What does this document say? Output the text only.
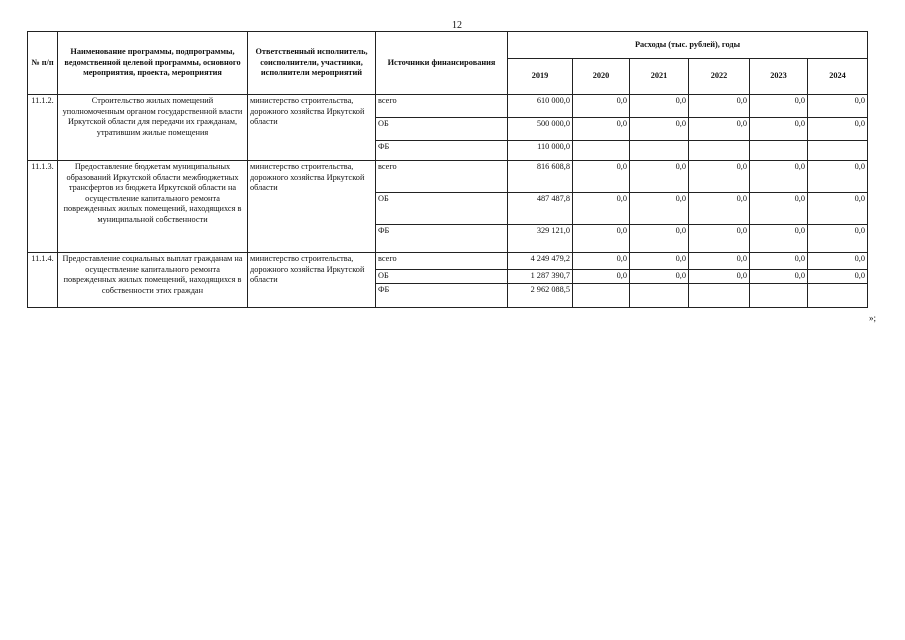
12
№ п/п	Наименование программы, подпрограммы, ведомственной целевой программы, основного мероприятия, проекта, мероприятия	Ответственный исполнитель, соисполнители, участники, исполнители мероприятий	Источники финансирования	Расходы (тыс. рублей), годы					
				2019	2020	2021	2022	2023	2024
11.1.2.	Строительство жилых помещений уполномоченным органом государственной власти Иркутской области для передачи их гражданам, утратившим жилые помещения	министерство строительства, дорожного хозяйства Иркутской области	всего	610 000,0	0,0	0,0	0,0	0,0	0,0
			ОБ	500 000,0	0,0	0,0	0,0	0,0	0,0
			ФБ	110 000,0					
11.1.3.	Предоставление бюджетам муниципальных образований Иркутской области межбюджетных трансфертов из бюджета Иркутской области на осуществление капитального ремонта поврежденных жилых помещений, находящихся в муниципальной собственности	министерство строительства, дорожного хозяйства Иркутской области	всего	816 608,8	0,0	0,0	0,0	0,0	0,0
			ОБ	487 487,8	0,0	0,0	0,0	0,0	0,0
			ФБ	329 121,0	0,0	0,0	0,0	0,0	0,0
11.1.4.	Предоставление социальных выплат гражданам на осуществление капитального ремонта поврежденных жилых помещений, находящихся в собственности этих граждан	министерство строительства, дорожного хозяйства Иркутской области	всего	4 249 479,2	0,0	0,0	0,0	0,0	0,0
			ОБ	1 287 390,7	0,0	0,0	0,0	0,0	0,0
			ФБ	2 962 088,5					
»;
